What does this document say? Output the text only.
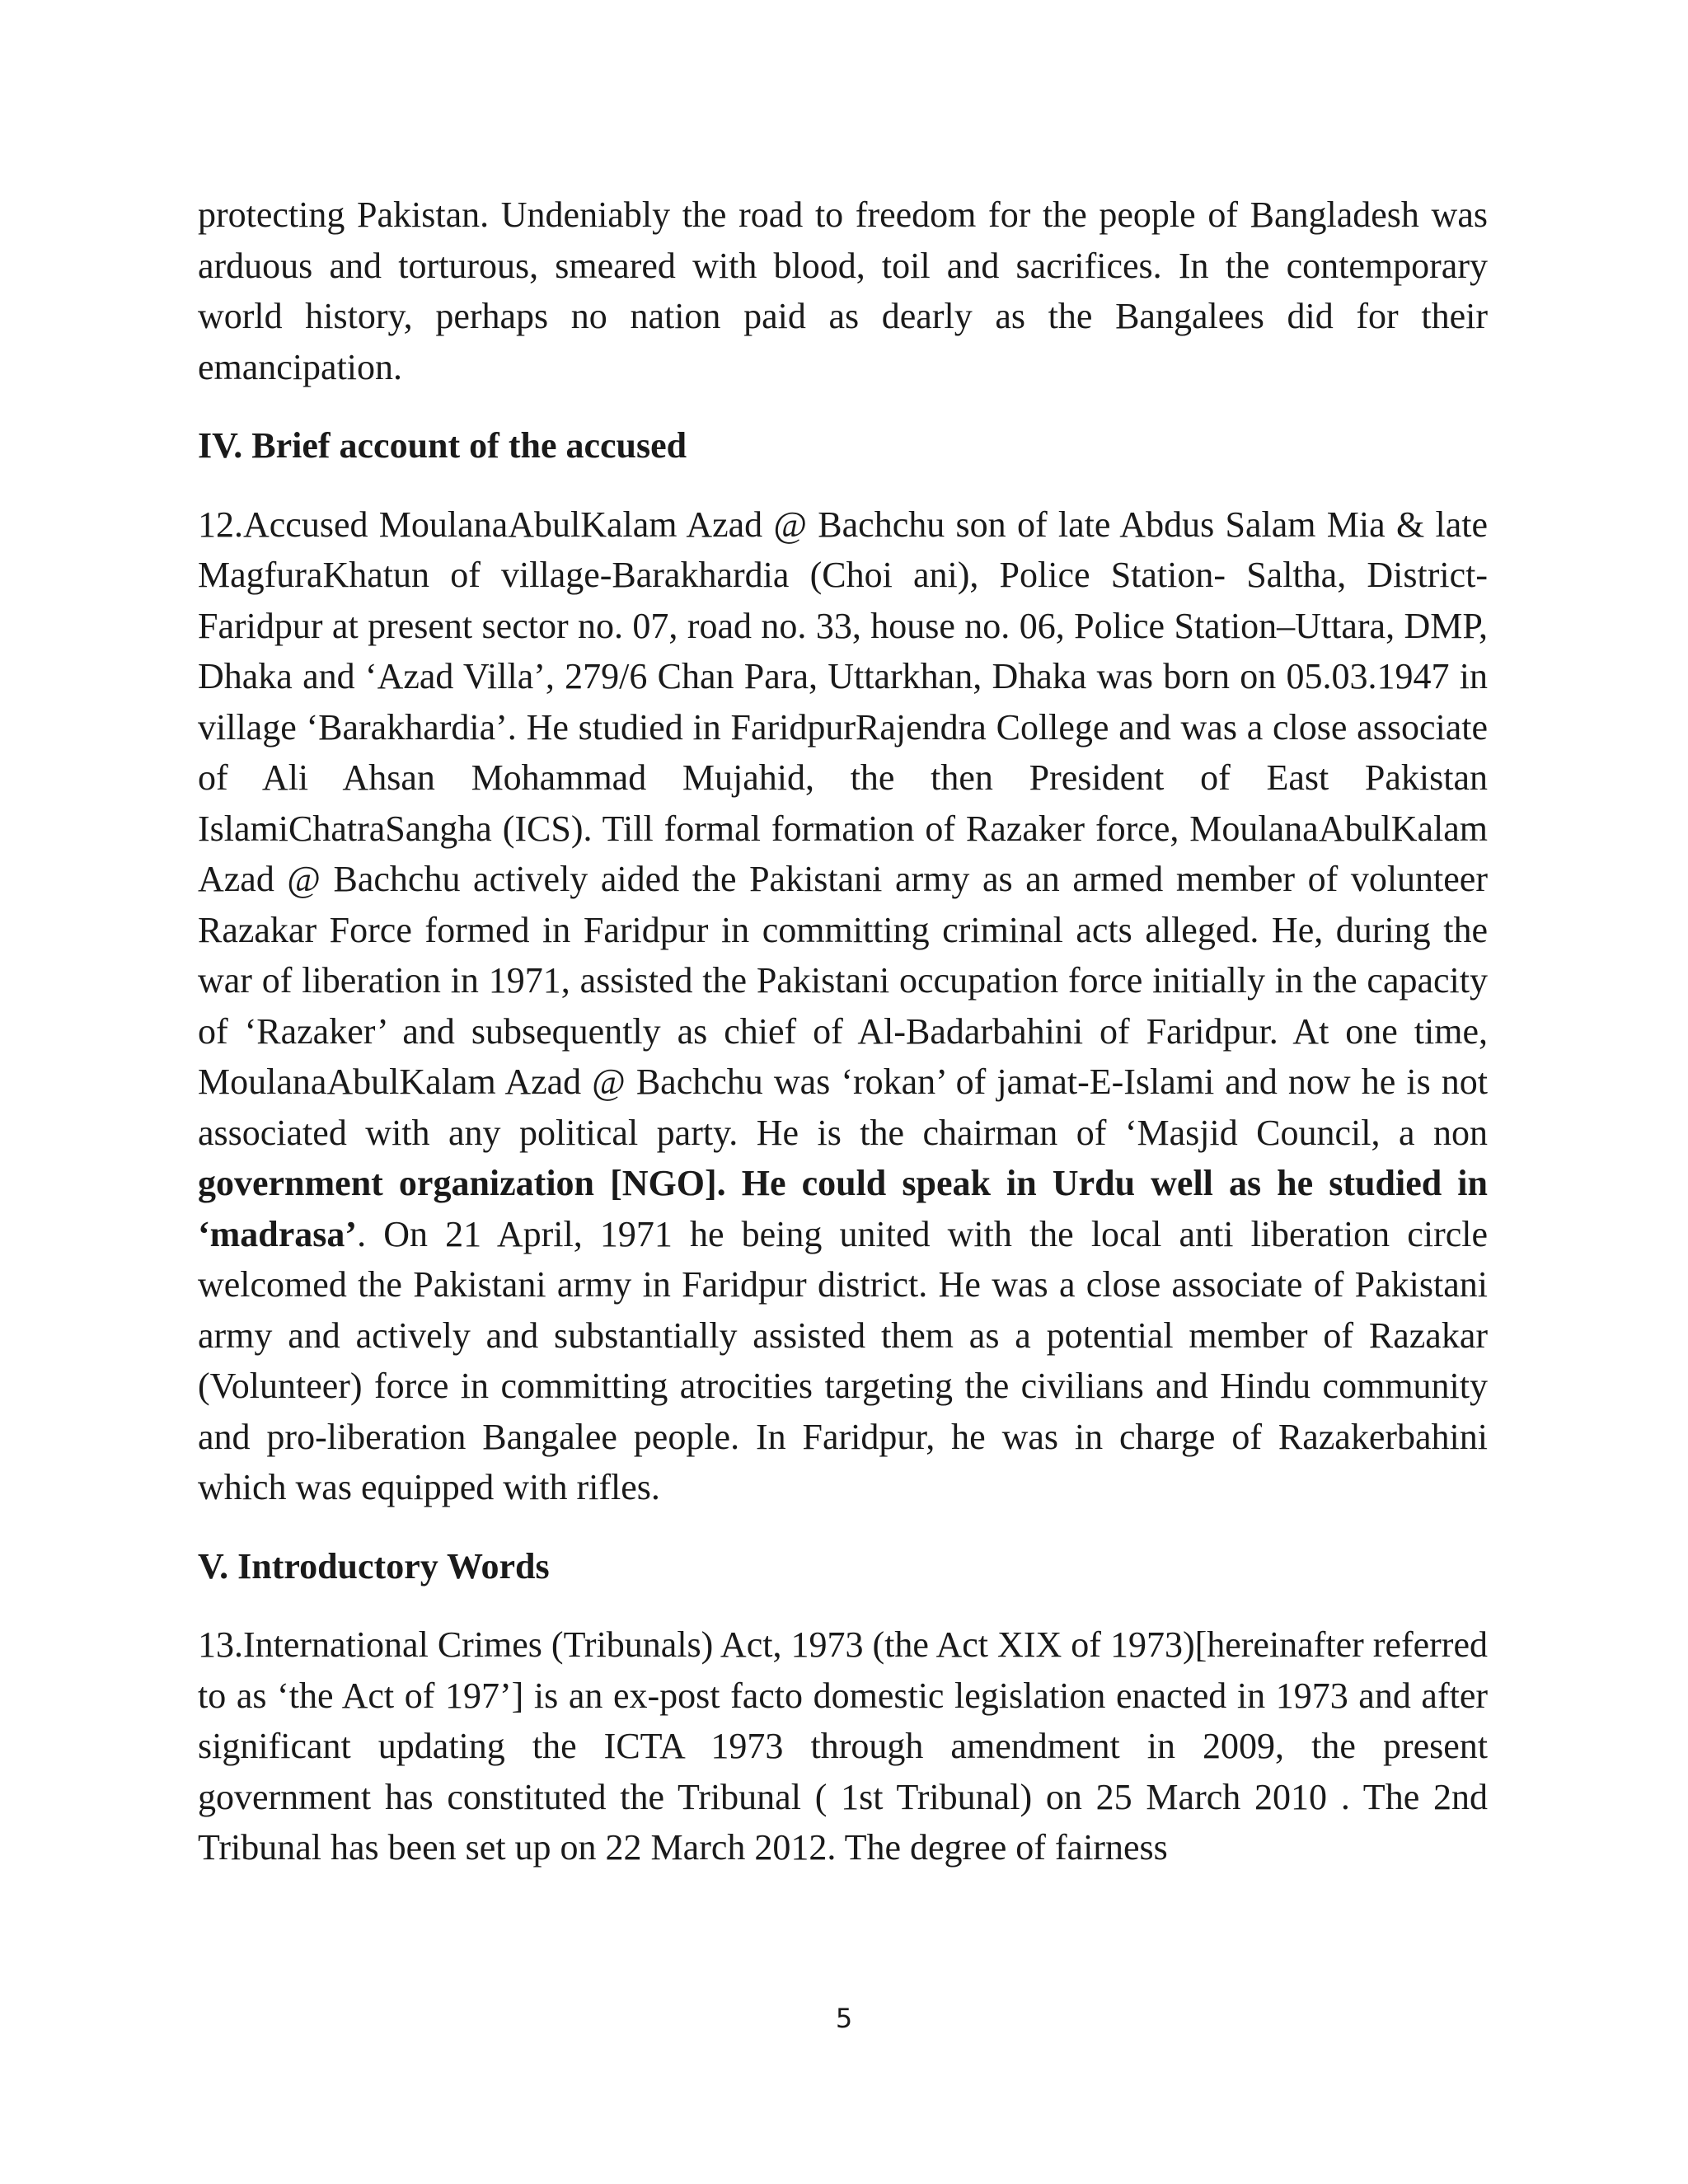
protecting Pakistan. Undeniably the road to freedom for the people of Bangladesh was arduous and torturous, smeared with blood, toil and sacrifices. In the contemporary world history, perhaps no nation paid as dearly as the Bangalees did for their emancipation.

IV. Brief account of the accused

12.Accused MoulanaAbulKalam Azad @ Bachchu son of late Abdus Salam Mia & late MagfuraKhatun of village-Barakhardia (Choi ani), Police Station- Saltha, District-Faridpur at present sector no. 07, road no. 33, house no. 06, Police Station–Uttara, DMP, Dhaka and ‘Azad Villa’, 279/6 Chan Para, Uttarkhan, Dhaka was born on 05.03.1947 in village ‘Barakhardia’. He studied in FaridpurRajendra College and was a close associate of Ali Ahsan Mohammad Mujahid, the then President of East Pakistan IslamiChatraSangha (ICS). Till formal formation of Razaker force, MoulanaAbulKalam Azad @ Bachchu actively aided the Pakistani army as an armed member of volunteer Razakar Force formed in Faridpur in committing criminal acts alleged. He, during the war of liberation in 1971, assisted the Pakistani occupation force initially in the capacity of ‘Razaker’ and subsequently as chief of Al-Badarbahini of Faridpur. At one time, MoulanaAbulKalam Azad @ Bachchu was ‘rokan’ of jamat-E-Islami and now he is not associated with any political party. He is the chairman of ‘Masjid Council, a non government organization [NGO]. He could speak in Urdu well as he studied in ‘madrasa’. On 21 April, 1971 he being united with the local anti liberation circle welcomed the Pakistani army in Faridpur district. He was a close associate of Pakistani army and actively and substantially assisted them as a potential member of Razakar (Volunteer) force in committing atrocities targeting the civilians and Hindu community and pro-liberation Bangalee people. In Faridpur, he was in charge of Razakerbahini which was equipped with rifles.

V. Introductory Words

13.International Crimes (Tribunals) Act, 1973 (the Act XIX of 1973)[hereinafter referred to as ‘the Act of 197’] is an ex-post facto domestic legislation enacted in 1973 and after significant updating the ICTA 1973 through amendment in 2009, the present government has constituted the Tribunal ( 1st Tribunal) on 25 March 2010 . The 2nd Tribunal has been set up on 22 March 2012. The degree of fairness

5
